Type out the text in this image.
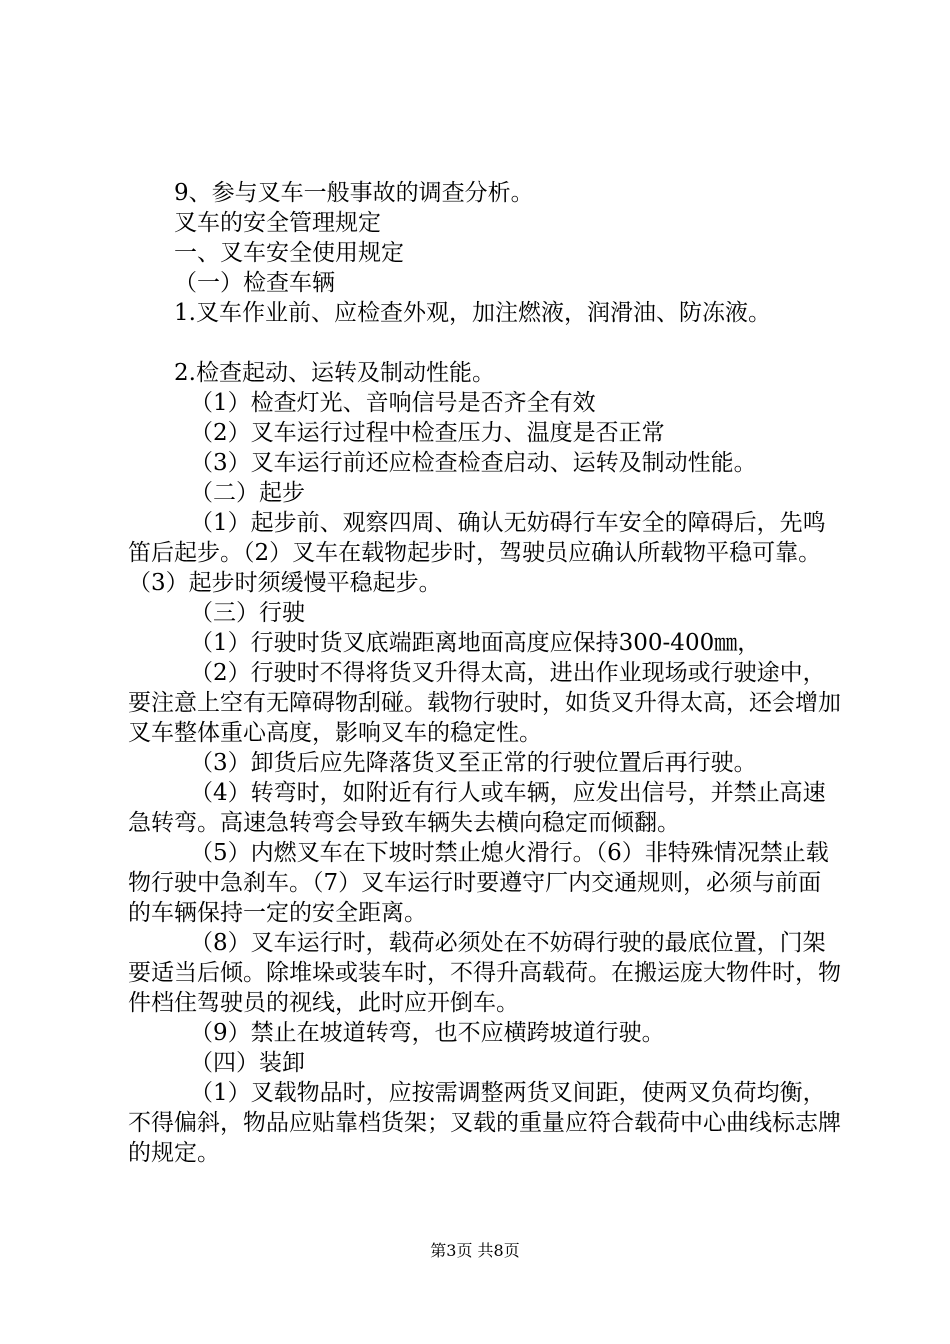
9、参与叉车一般事故的调查分析。
叉车的安全管理规定
一、叉车安全使用规定
（一）检查车辆
1.叉车作业前、应检查外观，加注燃液，润滑油、防冻液。
2.检查起动、运转及制动性能。
（1）检查灯光、音响信号是否齐全有效
（2）叉车运行过程中检查压力、温度是否正常
（3）叉车运行前还应检查检查启动、运转及制动性能。
（二）起步

（1）起步前、观察四周、确认无妨碍行车安全的障碍后，先鸣笛后起步。（2）叉车在载物起步时，驾驶员应确认所载物平稳可靠。（3）起步时须缓慢平稳起步。

（三）行驶
（1）行驶时货叉底端距离地面高度应保持300-400㎜，

（2）行驶时不得将货叉升得太高，进出作业现场或行驶途中，要注意上空有无障碍物刮碰。载物行驶时，如货叉升得太高，还会增加叉车整体重心高度，影响叉车的稳定性。

（3）卸货后应先降落货叉至正常的行驶位置后再行驶。

（4）转弯时，如附近有行人或车辆，应发出信号，并禁止高速急转弯。高速急转弯会导致车辆失去横向稳定而倾翻。

（5）内燃叉车在下坡时禁止熄火滑行。（6）非特殊情况禁止载物行驶中急刹车。（7）叉车运行时要遵守厂内交通规则，必须与前面的车辆保持一定的安全距离。

（8）叉车运行时，载荷必须处在不妨碍行驶的最底位置，门架要适当后倾。除堆垛或装车时，不得升高载荷。在搬运庞大物件时，物件档住驾驶员的视线，此时应开倒车。

（9）禁止在坡道转弯，也不应横跨坡道行驶。
（四）装卸

（1）叉载物品时，应按需调整两货叉间距，使两叉负荷均衡，不得偏斜，物品应贴靠档货架；叉载的重量应符合载荷中心曲线标志牌的规定。

第3页 共8页
